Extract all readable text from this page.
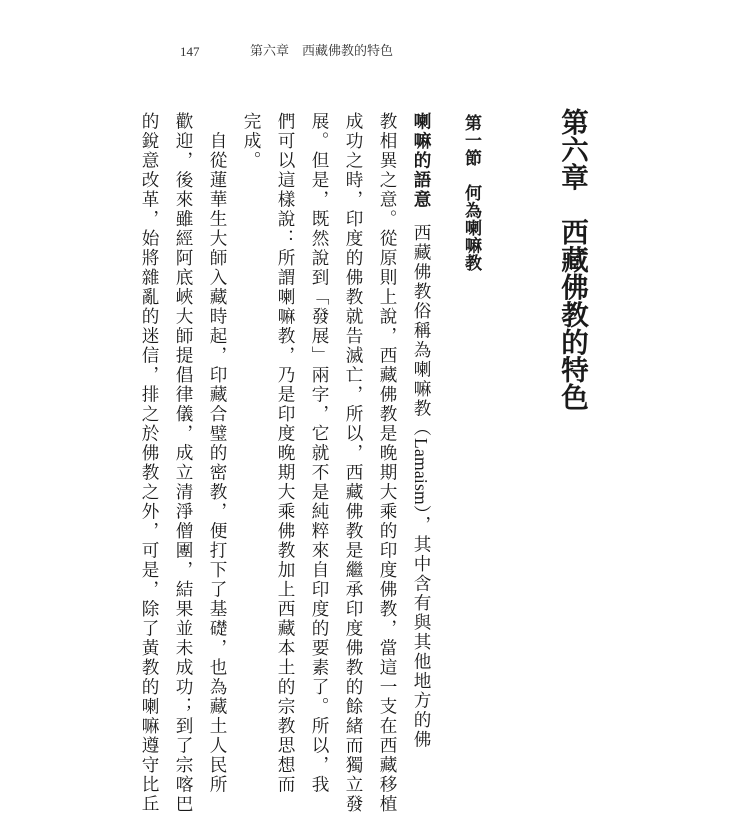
147	第六章　西藏佛教的特色
第六章　西藏佛教的特色
第一節　何為喇嘛教
喇嘛的語意西藏佛教俗稱為喇嘛教（Lamaism），其中含有與其他地方的佛
教相異之意。從原則上說，西藏佛教是晚期大乘的印度佛教，當這一支在西藏移植
成功之時，印度的佛教就告滅亡，所以，西藏佛教是繼承印度佛教的餘緒而獨立發
展。但是，既然說到「發展」兩字，它就不是純粹來自印度的要素了。所以，我
們可以這樣說：所謂喇嘛教，乃是印度晚期大乘佛教加上西藏本土的宗教思想而
完成。
　自從蓮華生大師入藏時起，印藏合璧的密教，便打下了基礎，也為藏土人民所
歡迎，後來雖經阿底峽大師提倡律儀，成立清淨僧團，結果並未成功；到了宗喀巴
的銳意改革，始將雜亂的迷信，排之於佛教之外，可是，除了黃教的喇嘛遵守比丘
